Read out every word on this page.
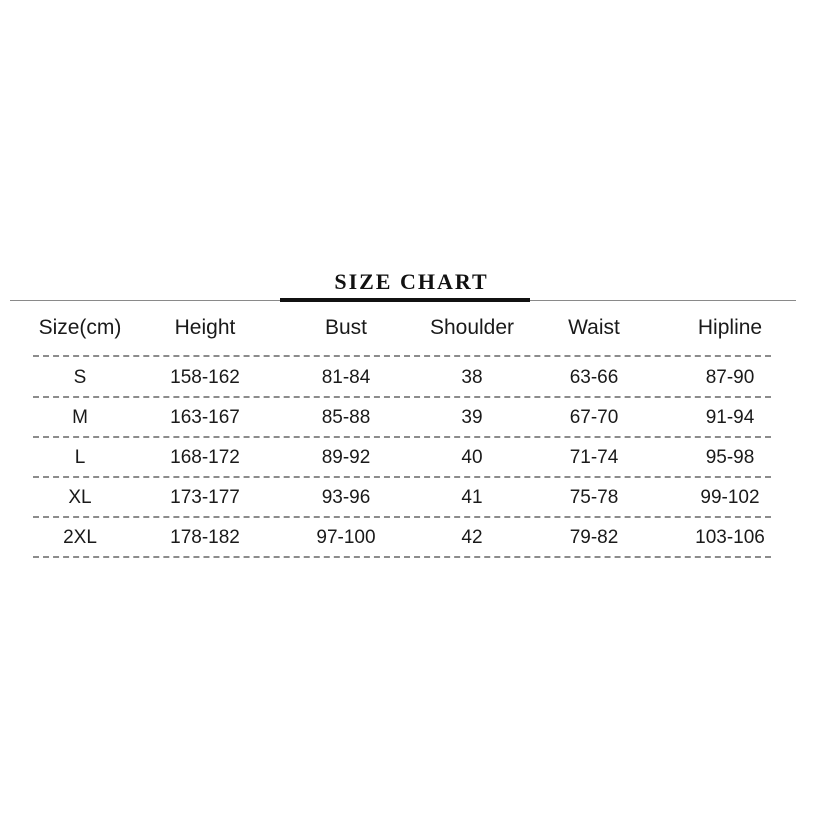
SIZE CHART
Size(cm)	Height	Bust	Shoulder	Waist	Hipline
S	158-162	81-84	38	63-66	87-90
M	163-167	85-88	39	67-70	91-94
L	168-172	89-92	40	71-74	95-98
XL	173-177	93-96	41	75-78	99-102
2XL	178-182	97-100	42	79-82	103-106
